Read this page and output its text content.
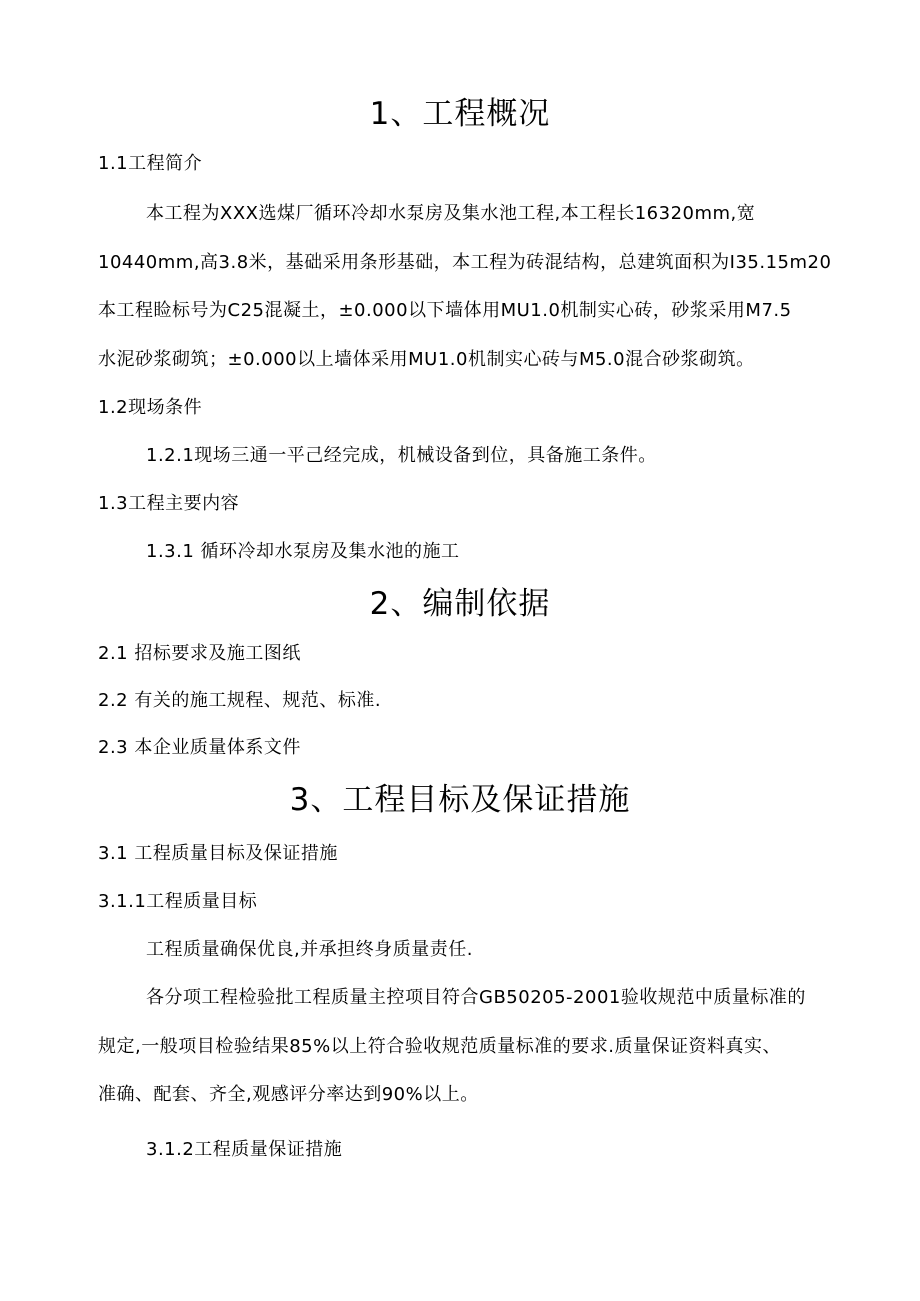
1、工程概况
1.1工程简介
本工程为XXX选煤厂循环冷却水泵房及集水池工程,本工程长16320mm,宽
10440mm,高3.8米，基础采用条形基础，本工程为砖混结构，总建筑面积为I35.15m20
本工程睑标号为C25混凝土，±0.000以下墙体用MU1.0机制实心砖，砂浆采用M7.5
水泥砂浆砌筑；±0.000以上墙体采用MU1.0机制实心砖与M5.0混合砂浆砌筑。
1.2现场条件
1.2.1现场三通一平己经完成，机械设备到位，具备施工条件。
1.3工程主要内容
1.3.1 循环冷却水泵房及集水池的施工
2、编制依据
2.1 招标要求及施工图纸
2.2 有关的施工规程、规范、标准.
2.3 本企业质量体系文件
3、工程目标及保证措施
3.1 工程质量目标及保证措施
3.1.1工程质量目标
工程质量确保优良,并承担终身质量责任.
各分项工程检验批工程质量主控项目符合GB50205-2001验收规范中质量标准的
规定,一般项目检验结果85%以上符合验收规范质量标准的要求.质量保证资料真实、
准确、配套、齐全,观感评分率达到90%以上。
3.1.2工程质量保证措施
